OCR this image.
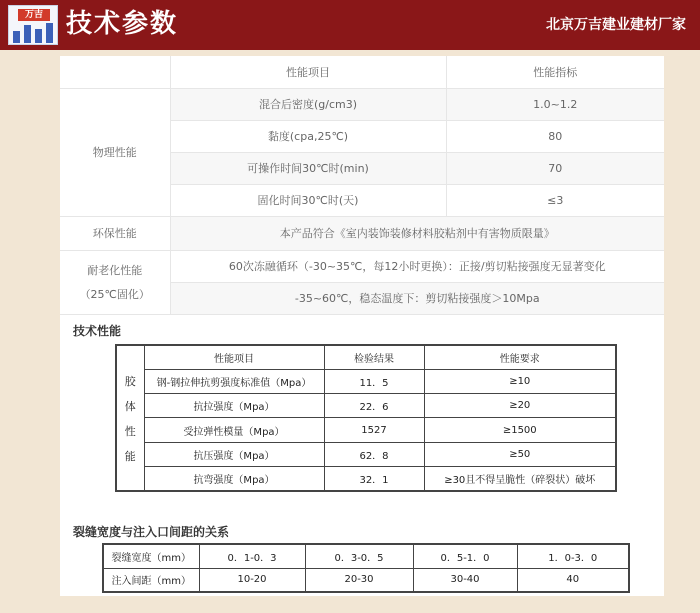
万吉 技术参数	北京万吉建业建材厂家
	性能项目	性能指标
物理性能	混合后密度(g/cm3)	1.0~1.2
	黏度(cpa,25℃)	80
	可操作时间30℃时(min)	70
	固化时间30℃时(天)	≤3
环保性能	本产品符合《室内装饰装修材料胶粘剂中有害物质限量》	

耐老化性能
（25℃固化）	60次冻融循环（-30~35℃，每12小时更换）：正接/剪切粘接强度无显著变化	
	-35~60℃，稳态温度下：剪切粘接强度＞10Mpa	
技术性能
胶
体
性
能	性能项目	检验结果	性能要求
	钢-钢拉伸抗剪强度标准值（Mpa）	11．5	≥10
	抗拉强度（Mpa）	22．6	≥20
	受拉弹性模量（Mpa）	1527	≥1500
	抗压强度（Mpa）	62．8	≥50
	抗弯强度（Mpa）	32．1	≥30且不得呈脆性（碎裂状）破坏
裂缝宽度与注入口间距的关系
裂缝宽度（mm）	0．1-0．3	0．3-0．5	0．5-1．0	1．0-3．0
注入间距（mm）	10-20	20-30	30-40	40
